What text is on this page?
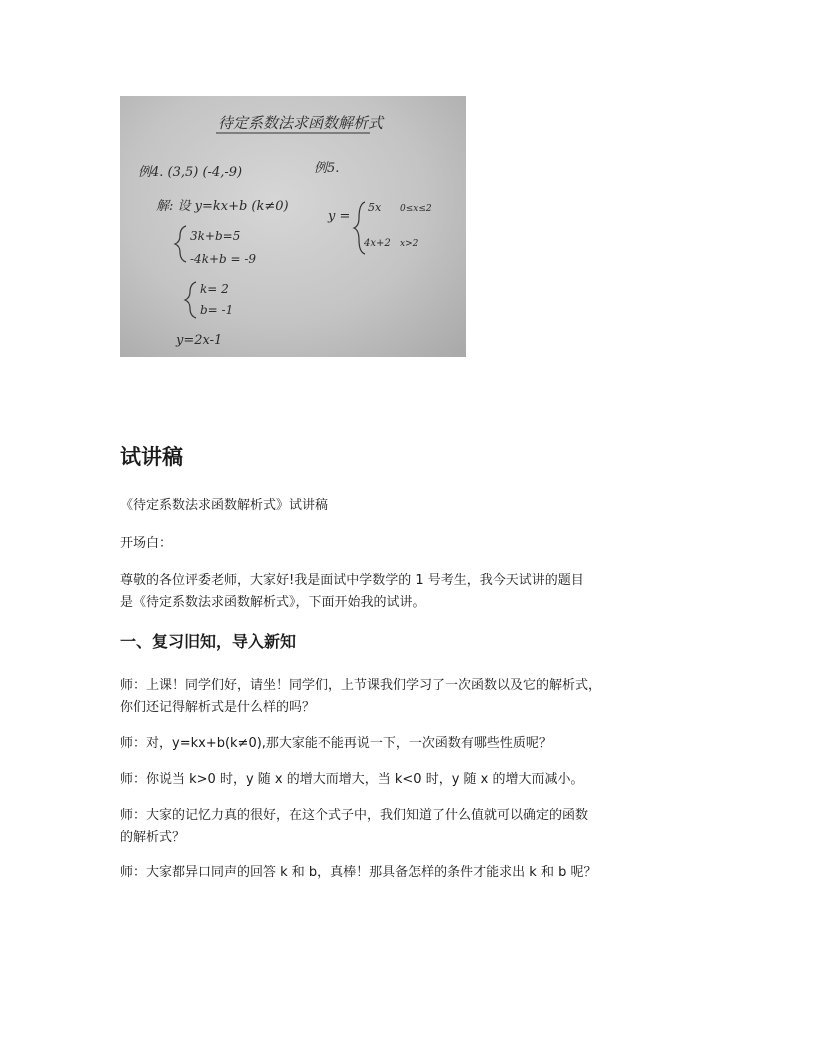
待定系数法求函数解析式
例4. (3,5) (-4,-9)	例5.
解: 设 y=kx+b (k≠0)
3k+b=5
-4k+b = -9
k= 2
b= -1
y=2x-1
y =
5x 0≤x≤2
4x+2 x>2
试讲稿

《待定系数法求函数解析式》试讲稿

开场白：

尊敬的各位评委老师，大家好!我是面试中学数学的 1 号考生，我今天试讲的题目
是《待定系数法求函数解析式》，下面开始我的试讲。

一、复习旧知，导入新知

师：上课！同学们好，请坐！同学们，上节课我们学习了一次函数以及它的解析式，
你们还记得解析式是什么样的吗？

师：对，y=kx+b(k≠0),那大家能不能再说一下，一次函数有哪些性质呢？

师：你说当 k>0 时，y 随 x 的增大而增大，当 k<0 时，y 随 x 的增大而减小。

师：大家的记忆力真的很好，在这个式子中，我们知道了什么值就可以确定的函数
的解析式？

师：大家都异口同声的回答 k 和 b，真棒！那具备怎样的条件才能求出 k 和 b 呢？
